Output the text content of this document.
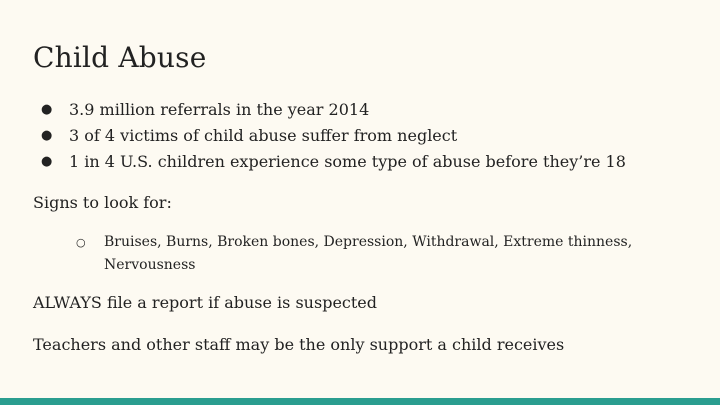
Child Abuse
● 3.9 million referrals in the year 2014
● 3 of 4 victims of child abuse suffer from neglect
● 1 in 4 U.S. children experience some type of abuse before they’re 18
Signs to look for:
○ Bruises, Burns, Broken bones, Depression, Withdrawal, Extreme thinness, Nervousness
ALWAYS file a report if abuse is suspected
Teachers and other staff may be the only support a child receives
